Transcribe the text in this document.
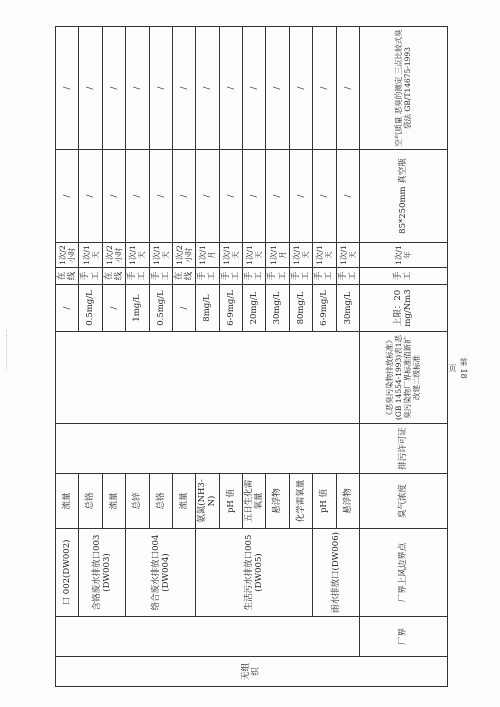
无组织		口 002(DW002)	流量			/	在线	1次/2小时	/	/
		含铬废水排放口003(DW003)	总铬			0.5mg/L	手工	1次/1天	/	/
			流量			/	在线	1次/2小时	/	/
		络合废水排放口004(DW004)	总锌			1mg/L	手工	1次/1天	/	/
			总铬			0.5mg/L	手工	1次/1天	/	/
			流量			/	在线	1次/2小时	/	/
		生活污水排放口005(DW005)	氨氮(NH3-N)			8mg/L	手工	1次/1月	/	/
			pH 值			6-9mg/L	手工	1次/1天	/	/
			五日生化需氧量			20mg/L	手工	1次/1天	/	/
			悬浮物			30mg/L	手工	1次/1月	/	/
			化学需氧量			80mg/L	手工	1次/1天	/	/
		雨水排放口(DW006)	pH 值			6-9mg/L	手工	1次/1天	/	/
			悬浮物			30mg/L	手工	1次/1天	/	/
	厂界	厂界上风边界点	臭气浓度	排污许可证	《恶臭污染物排放标准》(GB 14554-1993)表1恶臭污染物厂界标准值新扩改建二级标准	上限：20mg/Nm3	手工	1次/1年	85*250mm 真空瓶	空气质量 恶臭的测定 三点比较式臭袋法 GB/T14675-1993
第 18 页
